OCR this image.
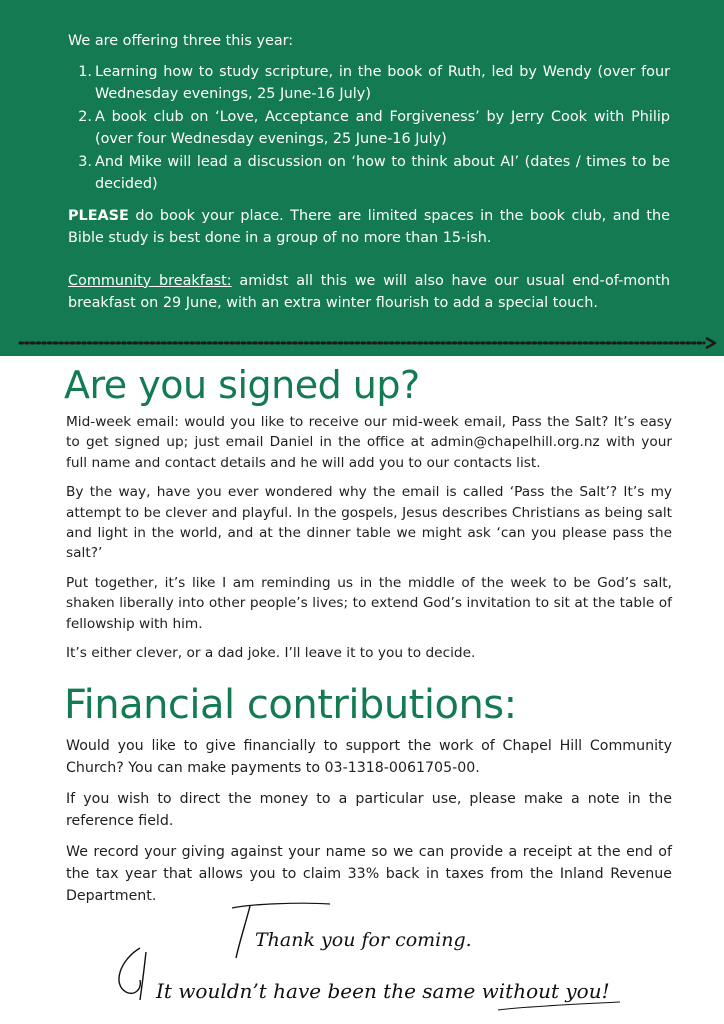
We are offering three this year:

1. Learning how to study scripture, in the book of Ruth, led by Wendy (over four Wednesday evenings, 25 June-16 July)
2. A book club on ‘Love, Acceptance and Forgiveness’ by Jerry Cook with Philip (over four Wednesday evenings, 25 June-16 July)
3. And Mike will lead a discussion on ‘how to think about AI’ (dates / times to be decided)

PLEASE do book your place. There are limited spaces in the book club, and the Bible study is best done in a group of no more than 15-ish.

Community breakfast: amidst all this we will also have our usual end-of-month breakfast on 29 June, with an extra winter flourish to add a special touch.

Are you signed up?

Mid-week email: would you like to receive our mid-week email, Pass the Salt? It’s easy to get signed up; just email Daniel in the office at admin@chapelhill.org.nz with your full name and contact details and he will add you to our contacts list.

By the way, have you ever wondered why the email is called ‘Pass the Salt’? It’s my attempt to be clever and playful. In the gospels, Jesus describes Christians as being salt and light in the world, and at the dinner table we might ask ‘can you please pass the salt?’

Put together, it’s like I am reminding us in the middle of the week to be God’s salt, shaken liberally into other people’s lives; to extend God’s invitation to sit at the table of fellowship with him.

It’s either clever, or a dad joke. I’ll leave it to you to decide.

Financial contributions:

Would you like to give financially to support the work of Chapel Hill Community Church? You can make payments to 03-1318-0061705-00.

If you wish to direct the money to a particular use, please make a note in the reference field.

We record your giving against your name so we can provide a receipt at the end of the tax year that allows you to claim 33% back in taxes from the Inland Revenue Department.

Thank you for coming.
It wouldn’t have been the same without you!
